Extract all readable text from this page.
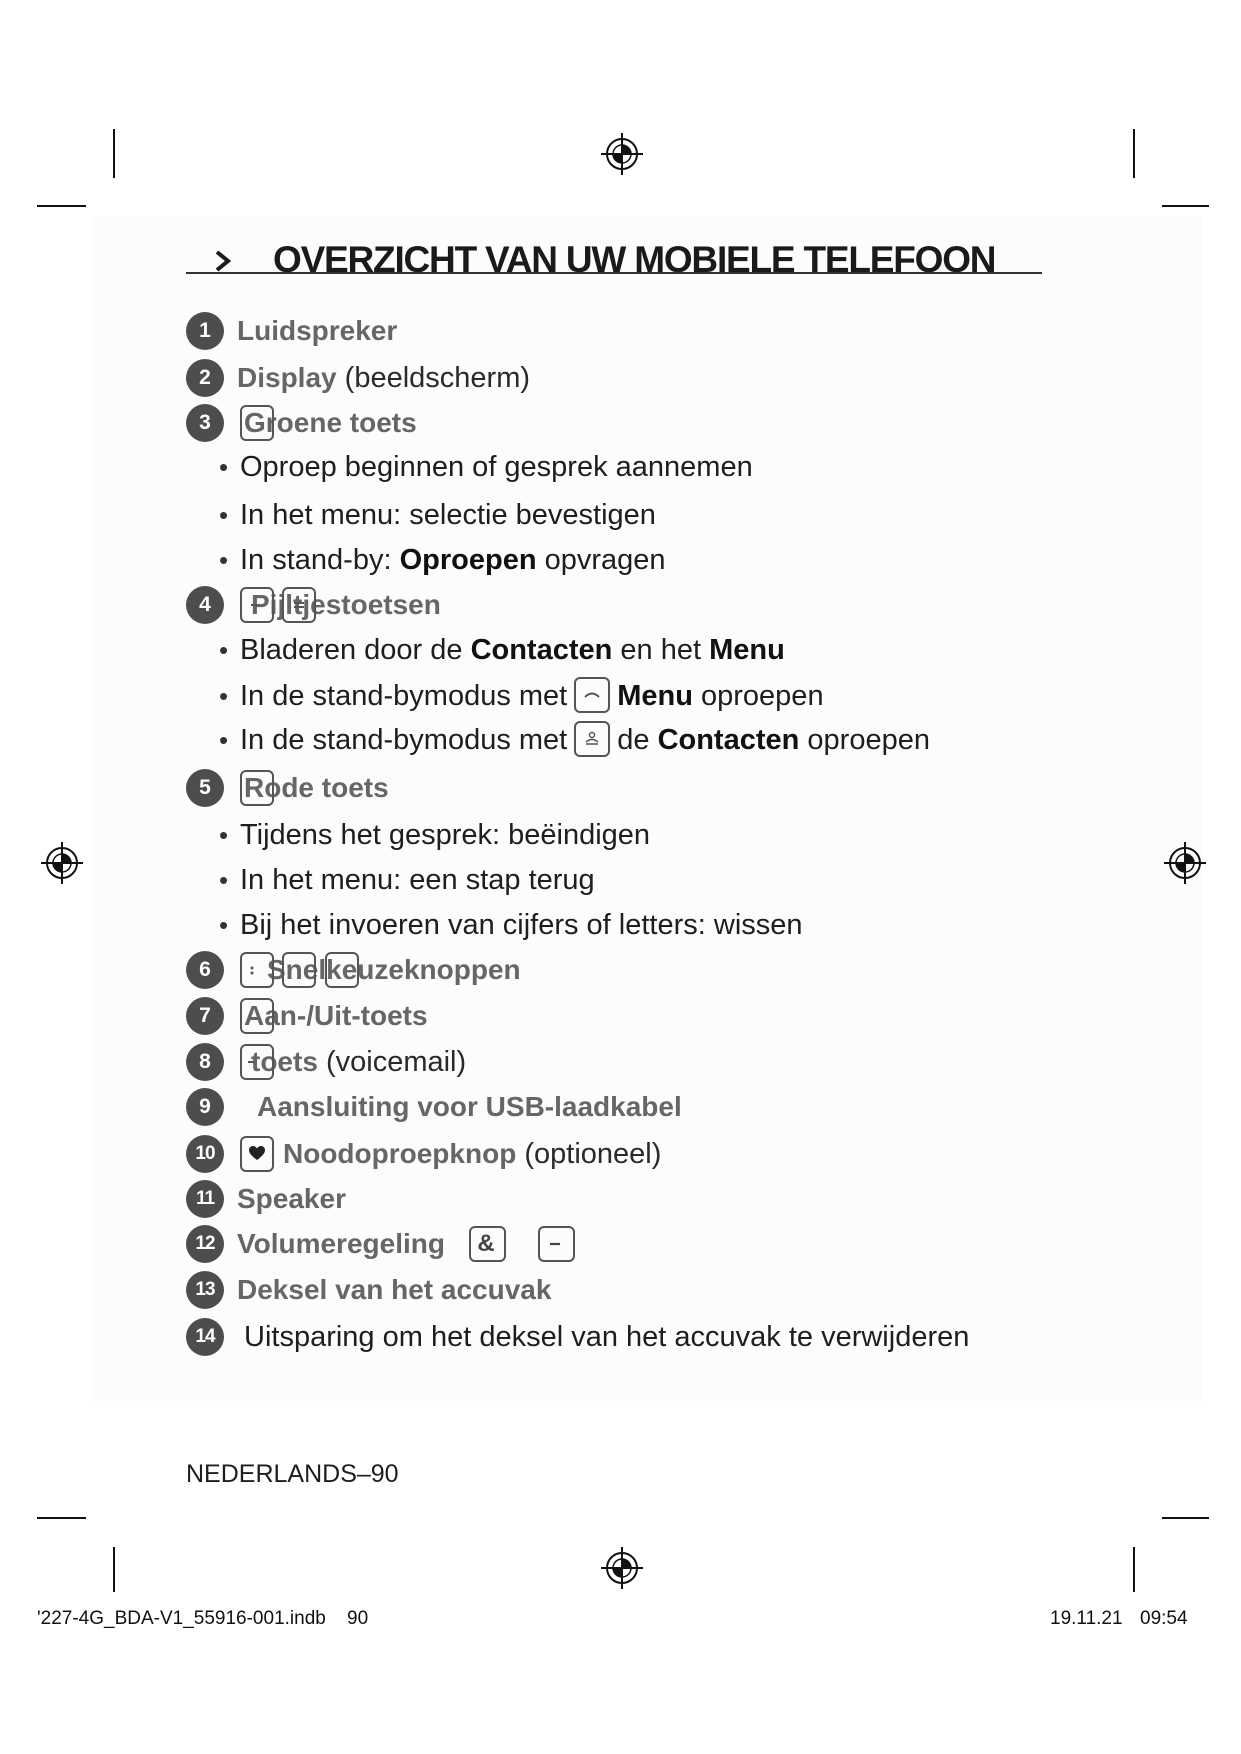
OVERZICHT VAN UW MOBIELE TELEFOON
1 Luidspreker
2 Display (beeldscherm)
3	Groene toets
• Oproep beginnen of gesprek aannemen
• In het menu: selectie bevestigen
• In stand-by: Oproepen opvragen
4	Pijltjestoetsen
• Bladeren door de Contacten en het Menu
• In de stand-bymodus met Menu oproepen
• In de stand-bymodus met de Contacten oproepen
5	Rode toets
• Tijdens het gesprek: beëindigen
• In het menu: een stap terug
• Bij het invoeren van cijfers of letters: wissen
6	Snelkeuzeknoppen
7	Aan-/Uit-toets
8	toets (voicemail)
9	Aansluiting voor USB-laadkabel
10	Noodoproepknop (optioneel)
11 Speaker
12 Volumeregeling &
13 Deksel van het accuvak
14	Uitsparing om het deksel van het accuvak te verwijderen
NEDERLANDS–90
'227-4G_BDA-V1_55916-001.indb 90	19.11.21 09:54
